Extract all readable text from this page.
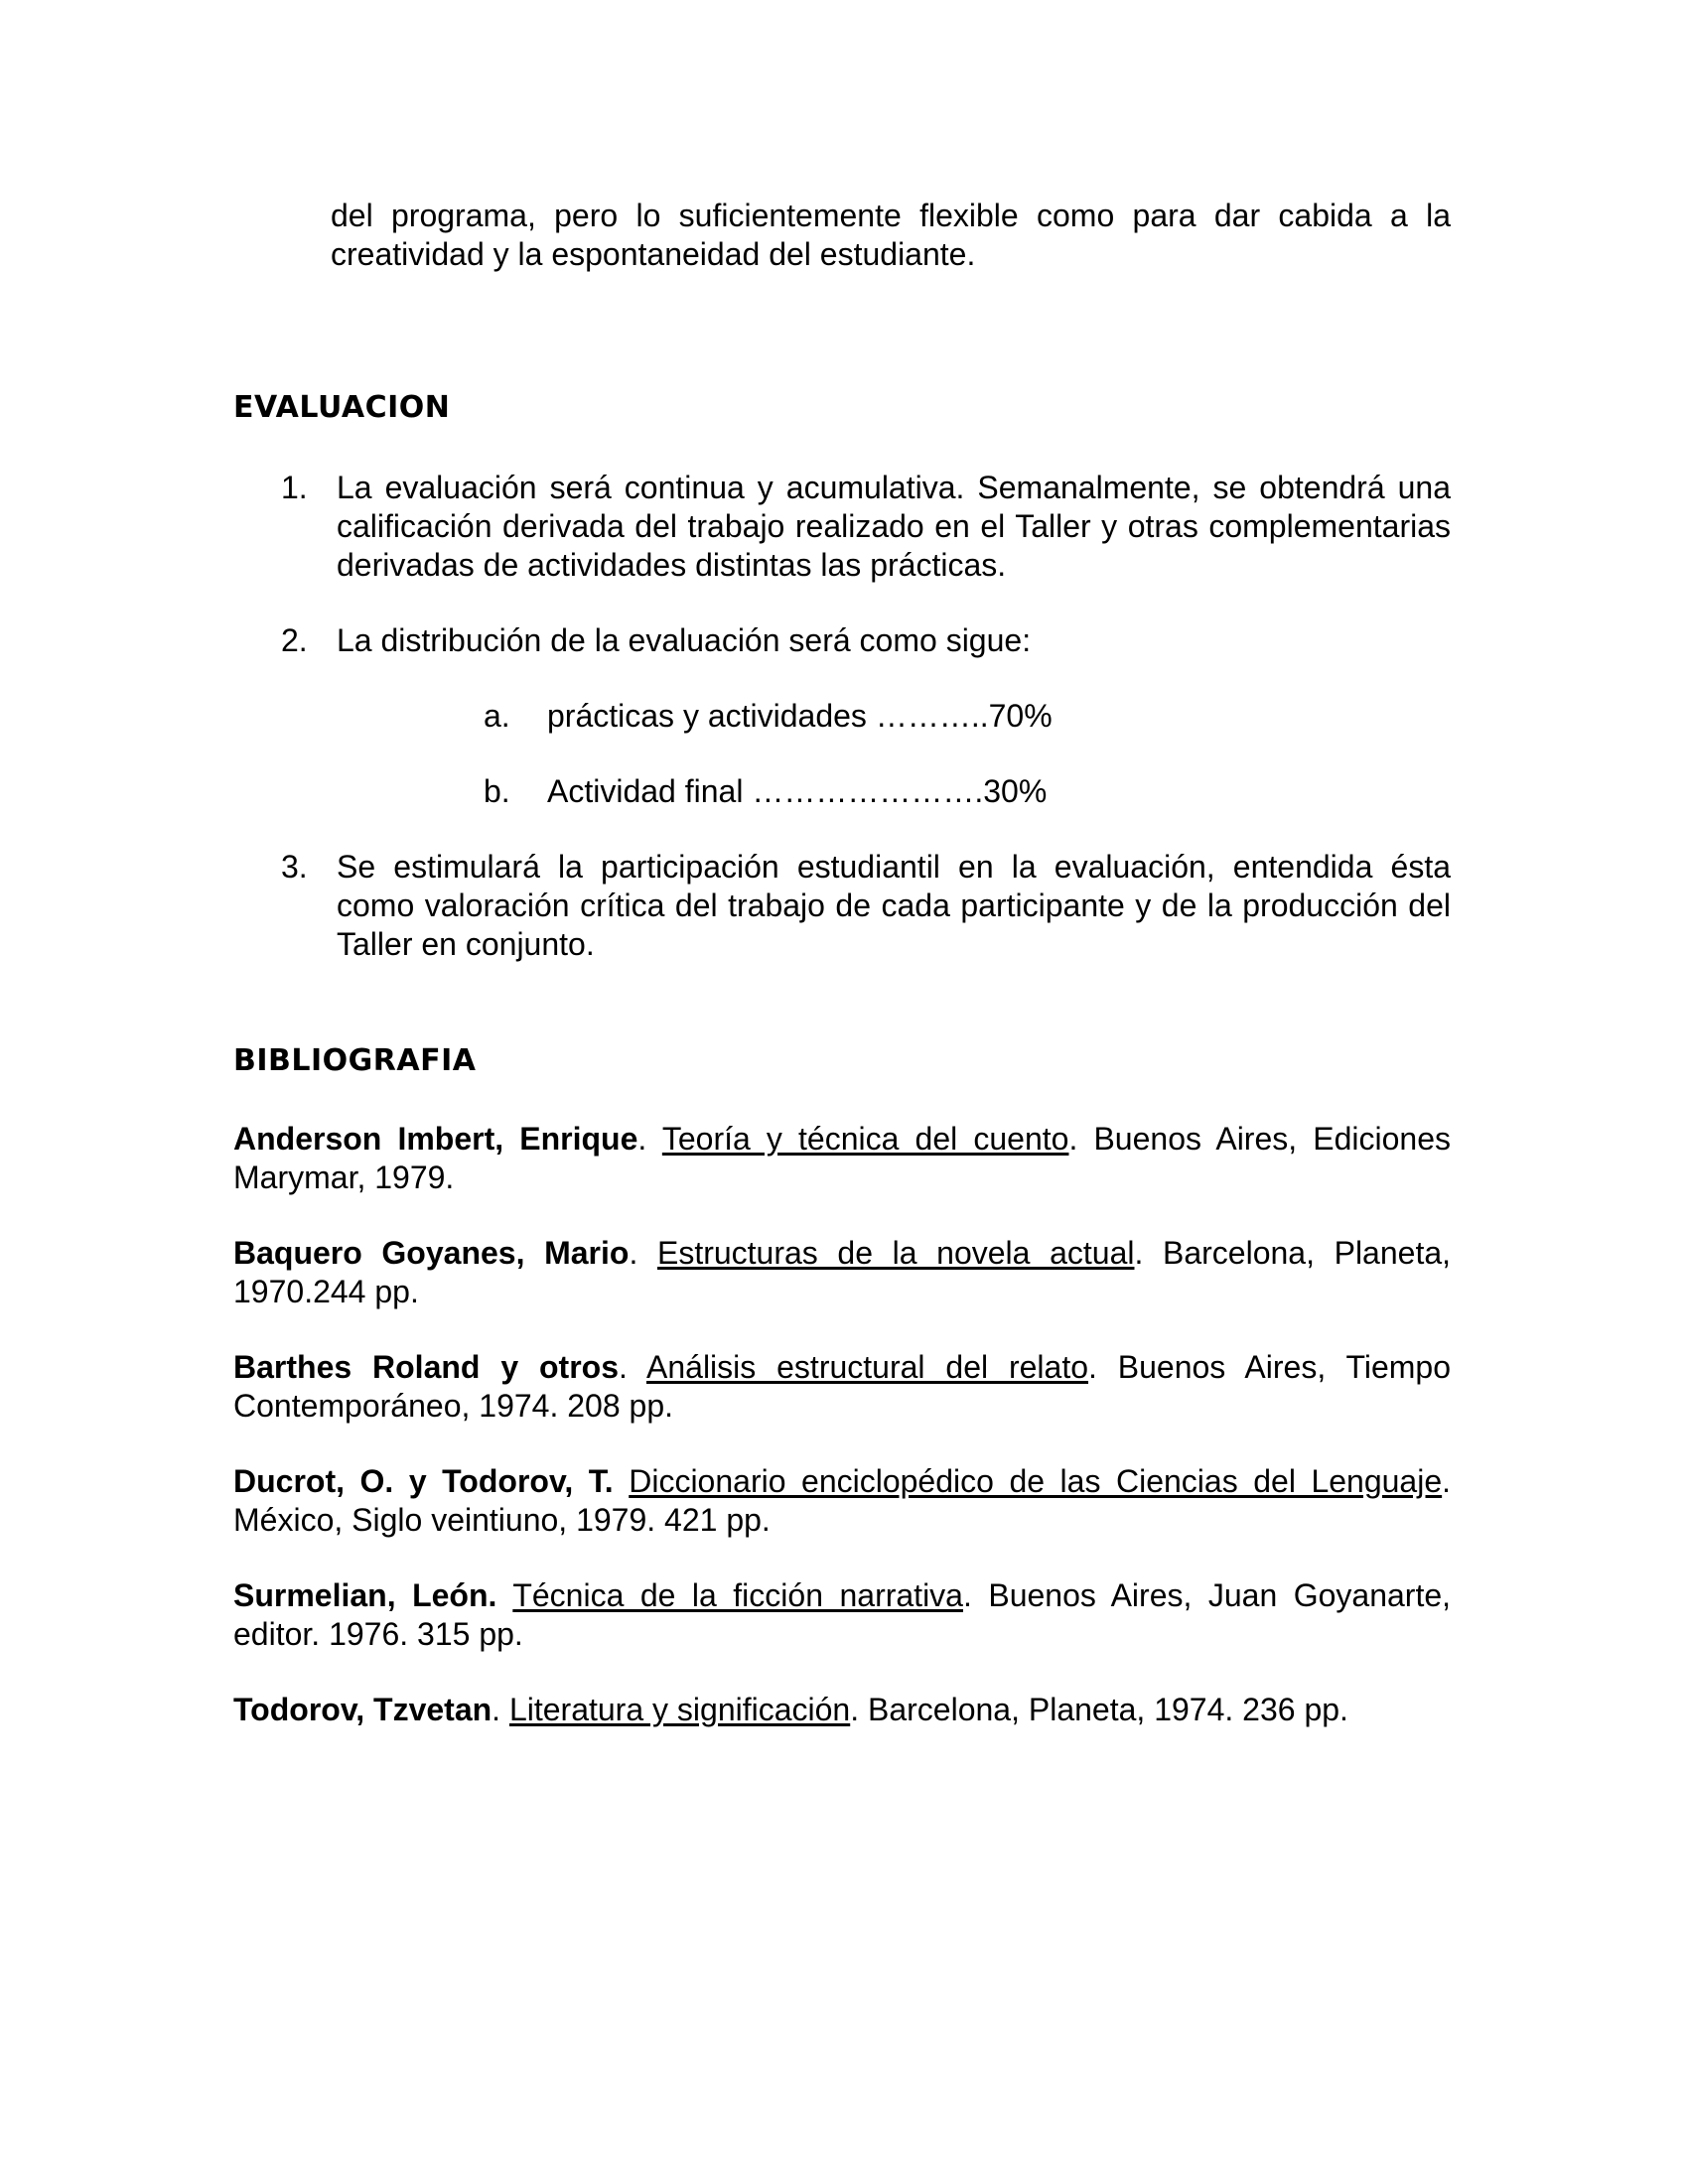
del programa, pero lo suficientemente flexible como para dar cabida a la creatividad y la espontaneidad del estudiante.

EVALUACION
1. La evaluación será continua y acumulativa. Semanalmente, se obtendrá una calificación derivada del trabajo realizado en el Taller y otras complementarias derivadas de actividades distintas las prácticas.
2. La distribución de la evaluación será como sigue:
a. prácticas y actividades ………..70%
b. Actividad final ………………….30%
3. Se estimulará la participación estudiantil en la evaluación, entendida ésta como valoración crítica del trabajo de cada participante y de la producción del Taller en conjunto.
BIBLIOGRAFIA

Anderson Imbert, Enrique. Teoría y técnica del cuento. Buenos Aires, Ediciones Marymar, 1979.

Baquero Goyanes, Mario. Estructuras de la novela actual. Barcelona, Planeta, 1970.244 pp.

Barthes Roland y otros. Análisis estructural del relato. Buenos Aires, Tiempo Contemporáneo, 1974. 208 pp.

Ducrot, O. y Todorov, T. Diccionario enciclopédico de las Ciencias del Lenguaje. México, Siglo veintiuno, 1979. 421 pp.

Surmelian, León. Técnica de la ficción narrativa. Buenos Aires, Juan Goyanarte, editor. 1976. 315 pp.

Todorov, Tzvetan. Literatura y significación. Barcelona, Planeta, 1974. 236 pp.
